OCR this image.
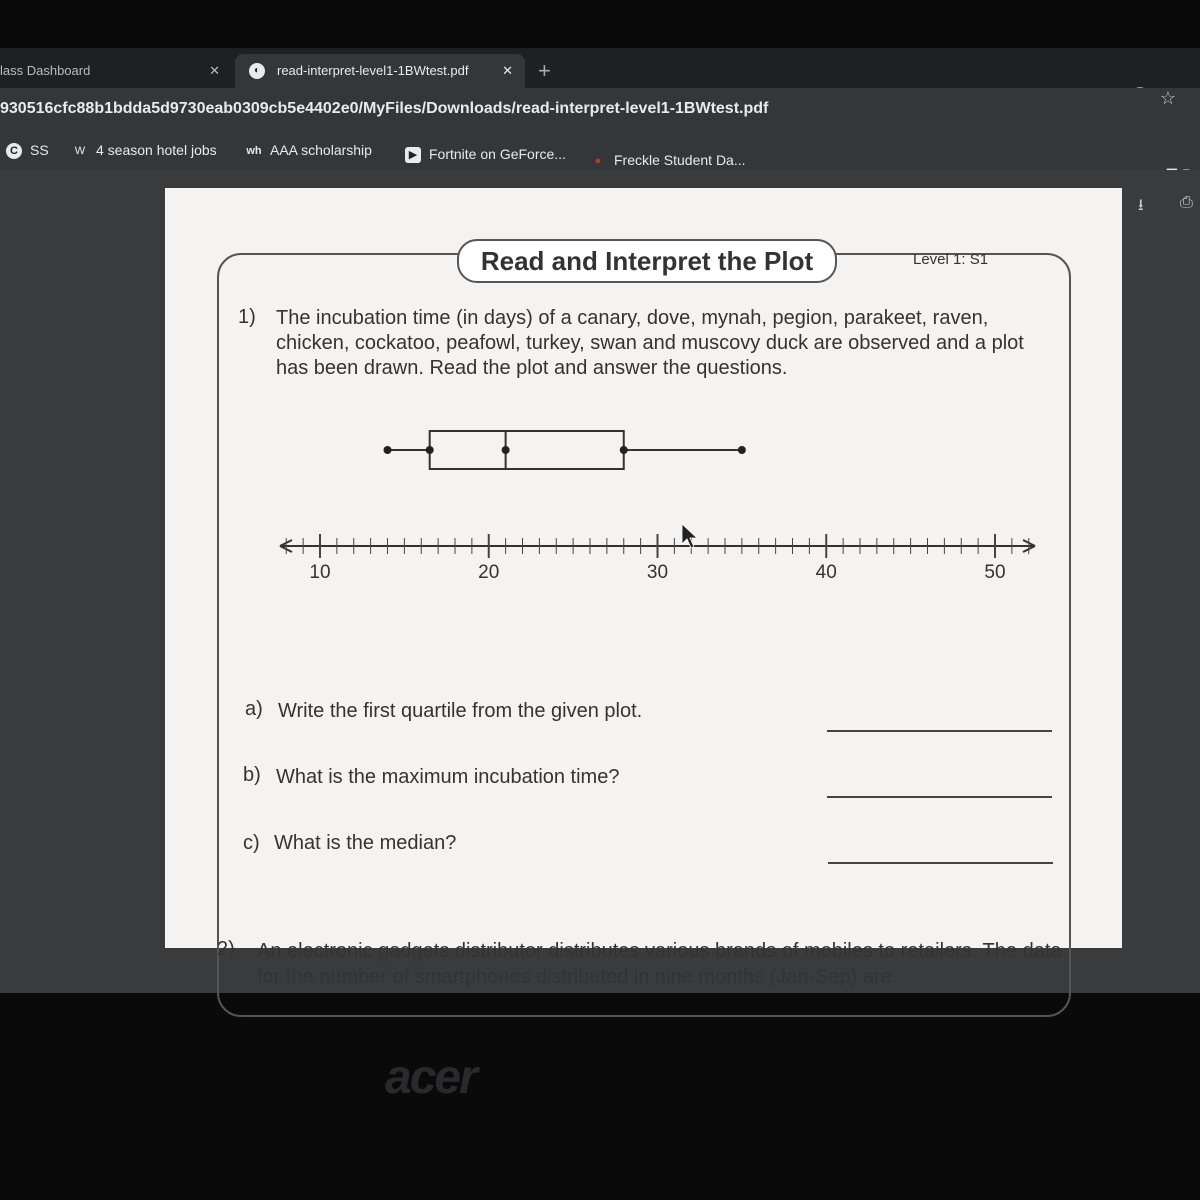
lass Dashboard	✕	◐	read-interpret-level1-1BWtest.pdf	✕ +
930516cfc88b1bdda5d9730eab0309cb5e4402e0/MyFiles/Downloads/read-interpret-level1-1BWtest.pdf
☆
C SS W 4 season hotel jobs	wh AAA scholarship	▶ Fortnite on GeForce...	● Freckle Student Da...
⭳ ⎙
Read and Interpret the Plot	Level 1: S1
1) The incubation time (in days) of a canary, dove, mynah, pegion, parakeet, raven, chicken, cockatoo, peafowl, turkey, swan and muscovy duck are observed and a plot has been drawn. Read the plot and answer the questions.
10	20	30	40	50
a) Write the first quartile from the given plot.
b) What is the maximum incubation time?
c) What is the median?
2) An electronic gadgets distributor distributes various brands of mobiles to retailers. The data for the number of smartphones distributed in nine months (Jan-Sep) are
acer
